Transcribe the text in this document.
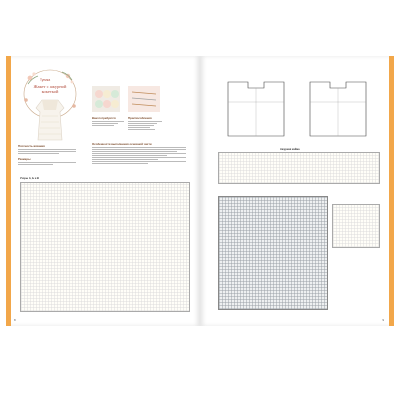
Туника
Жакет с ажурной
кокеткой
Вам потребуется	Приспособления
Плотность вязания
Размеры
Особенности выполнения основной части
Узоры А, Б и В
8
Ажурная кайма
9
